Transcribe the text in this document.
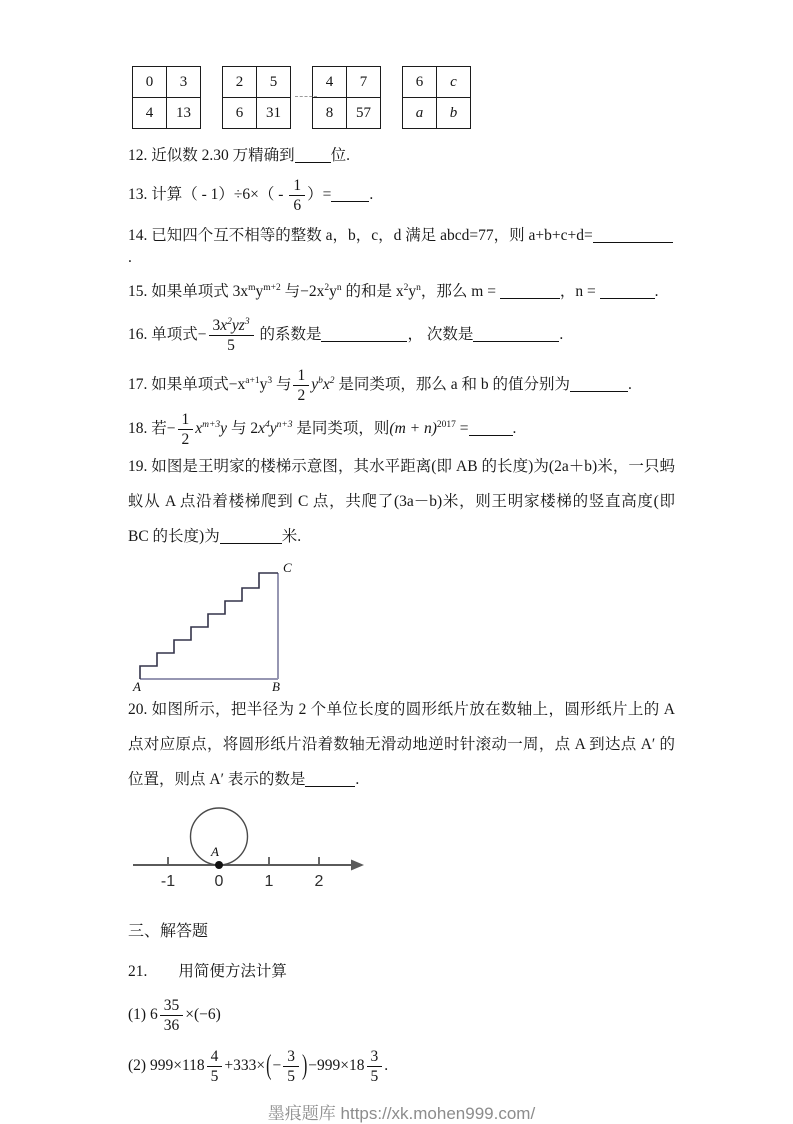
0	3
4	13
2	5
6	31
4	7
8	57
6	c
a	b
12. 近似数 2.30 万精确到 位.
13. 计算（ - $1)\div 6\times( - \frac{1}{6}$ ）= .
14. 已知四个互不相等的整数 a，b，c，d 满足 abcd=77，则 a+b+c+d=.
15. 如果单项式 $3x^my^{m+2}$ 与$-2x^2y^n$ 的和是 $x^2y^n$，那么 m =	，n =	.
16. 单项式− $\frac{3x^2yz^3}{5}$ 的系数是	， 次数是	.
17. 如果单项式$-x^{a+1}y^3$ 与 $\frac{1}{2} y^bx^2$ 是同类项，那么 a 和 b 的值分别为	.
18. 若− $\frac{1}{2} x^{m+3}y$ 与 $2x^4y^{n+3}$ 是同类项，则$(m + n)^{2017}$ =	.
19. 如图是王明家的楼梯示意图，其水平距离(即 AB 的长度)为(2a＋b)米，一只蚂蚁从 A 点沿着楼梯爬到 C 点，共爬了(3a－b)米，则王明家楼梯的竖直高度(即 BC 的长度)为	米.
A	B
C
20. 如图所示，把半径为 2 个单位长度的圆形纸片放在数轴上，圆形纸片上的 A 点对应原点，将圆形纸片沿着数轴无滑动地逆时针滚动一周，点 A 到达点 A′ 的位置，则点 A′ 表示的数是	.
A
-1 0	1	2
三、解答题
21.　　用简便方法计算
(1) $6 \frac{35}{36} \times(-6)$
(2) $999\times 118 \frac{4}{5} +333\times(- \frac{3}{5} )-999\times 18 \frac{3}{5}$ .
墨痕题库 https://xk.mohen999.com/
